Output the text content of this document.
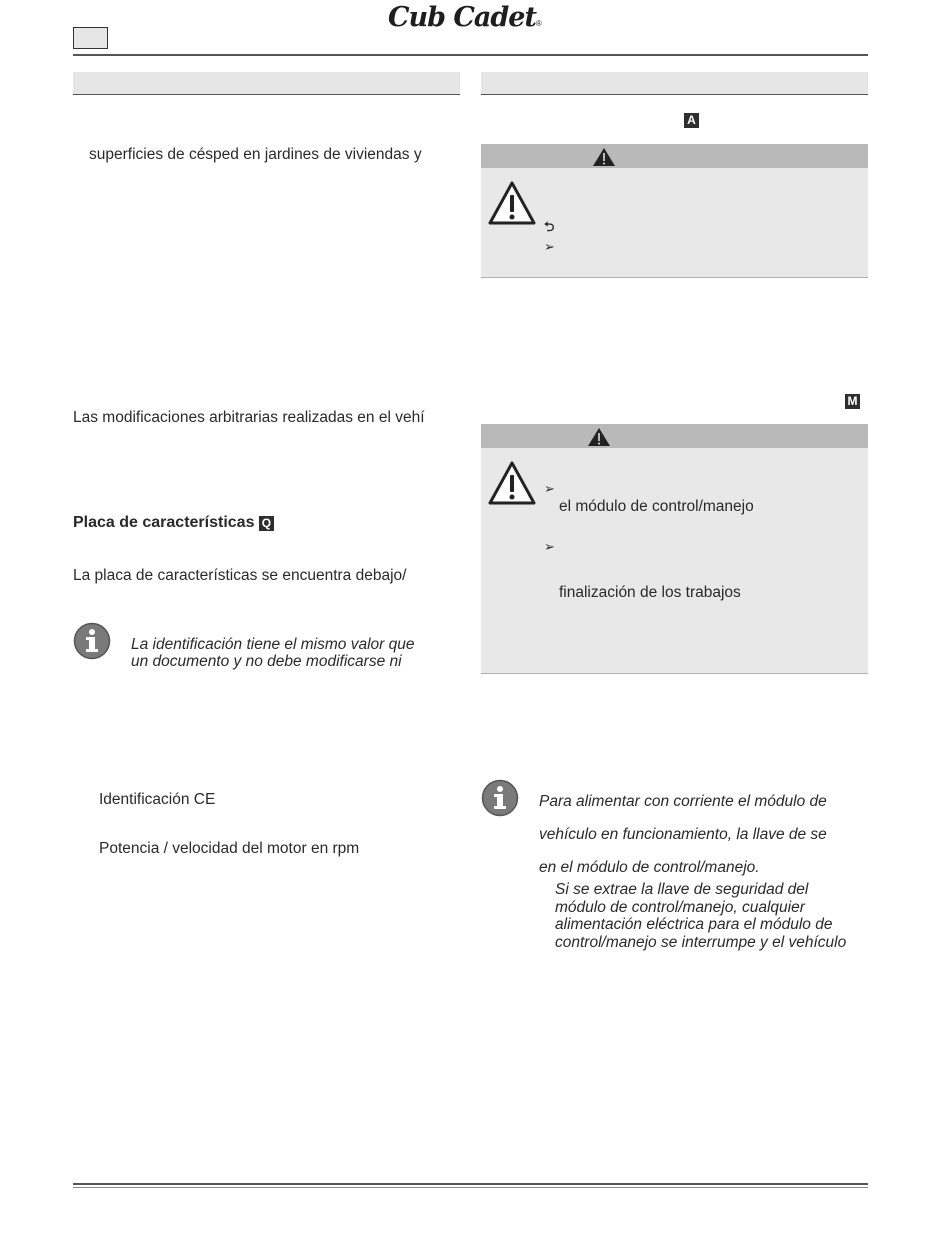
Cub Cadet®
superficies de césped en jardines de viviendas y
Las modificaciones arbitrarias realizadas en el vehí
Placa de características Q
La placa de características se encuentra debajo/
La identificación tiene el mismo valor que
un documento y no debe modificarse ni
Identificación CE
Potencia / velocidad del motor en rpm
A
⮌
➢
M
➢
el módulo de control/manejo
➢
finalización de los trabajos
Para alimentar con corriente el módulo de
vehículo en funcionamiento, la llave de se
en el módulo de control/manejo.
Si se extrae la llave de seguridad del
módulo de control/manejo, cualquier
alimentación eléctrica para el módulo de
control/manejo se interrumpe y el vehículo
